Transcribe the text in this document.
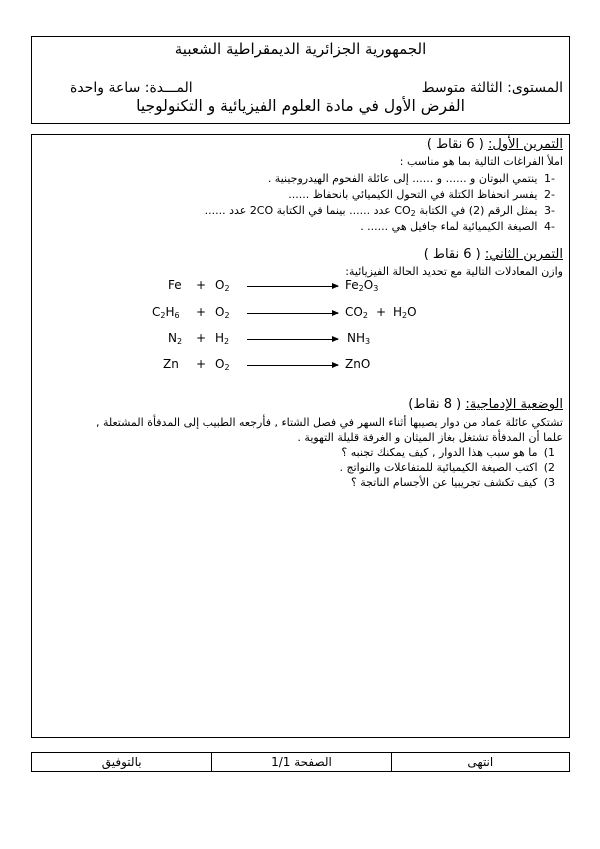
الجمهورية الجزائرية الديمقراطية الشعبية
المستوى: الثالثة متوسط
المـــدة: ساعة واحدة
الفرض الأول في مادة العلوم الفيزيائية و التكنولوجيا
التمرين الأول: ( 6 نقاط )
املأ الفراغات التالية بما هو مناسب :
-1 ينتمي البوتان و ...... و ...... إلى عائلة الفحوم الهيدروجينية .
-2 يفسر انحفاظ الكتلة في التحول الكيميائي بانحفاظ ......
-3 يمثل الرقم (2) في الكتابة $CO_2$ عدد ...... بينما في الكتابة 2CO عدد ......
-4 الصيغة الكيميائية لماء جافيل هي ...... .
التمرين الثاني: ( 6 نقاط )
وازن المعادلات التالية مع تحديد الحالة الفيزيائية:
$Fe + O_2$	$Fe_2O_3$
$C_2H_6 + O_2$	$CO_2 + H_2O$
$N_2 + H_2$	$NH_3$
$Zn + O_2$	ZnO
الوضعية الإدماجية: ( 8 نقاط)
تشتكي عائلة عماد من دوار يصيبها أثناء السهر في فصل الشتاء , فأرجعه الطبيب إلى المدفأة المشتعلة ,
علما أن المدفأة تشتغل بغاز الميثان و الغرفة قليلة التهوية .
1) ما هو سبب هذا الدوار , كيف يمكنك تجنبه ؟
2) اكتب الصيغة الكيميائية للمتفاعلات والنواتج .
3) كيف تكشف تجريبيا عن الأجسام الناتجة ؟
بالتوفيق	الصفحة 1/1	انتهى
